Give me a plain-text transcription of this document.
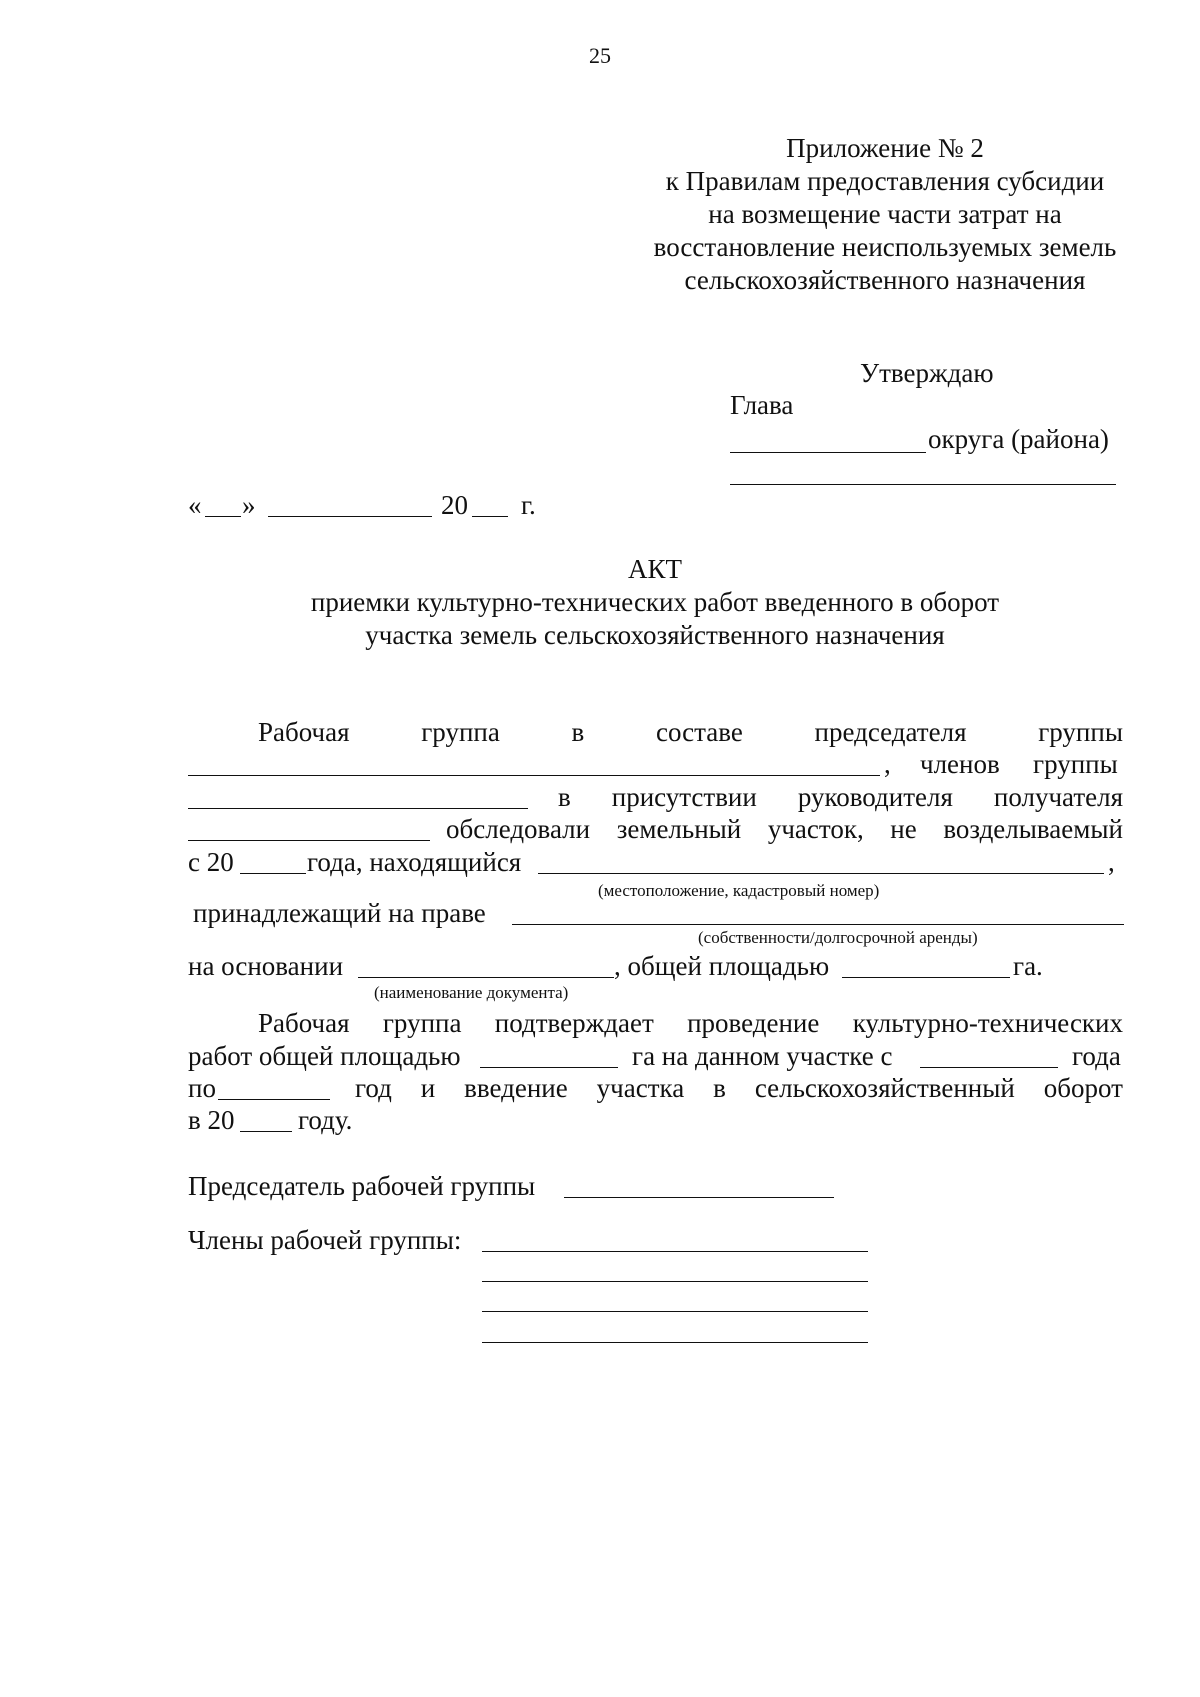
25
Приложение № 2
к Правилам предоставления субсидии
на возмещение части затрат на
восстановление неиспользуемых земель
сельскохозяйственного назначения
Утверждаю
Глава
округа (района)
« »	20 г.
АКТ
приемки культурно-технических работ введенного в оборот
участка земель сельскохозяйственного назначения
Рабочая	группа	в	составе	председателя	группы
, членов группы
в присутствии руководителя получателя
обследовали земельный участок, не возделываемый
с 20	года, находящийся	,
(местоположение, кадастровый номер)
принадлежащий на праве
(собственности/долгосрочной аренды)
на основании	, общей площадью	га.
(наименование документа)
Рабочая группа подтверждает проведение культурно-технических
работ общей площадью	га на данном участке с	года
по	год и введение участка в сельскохозяйственный оборот
в 20 году.
Председатель рабочей группы
Члены рабочей группы:
